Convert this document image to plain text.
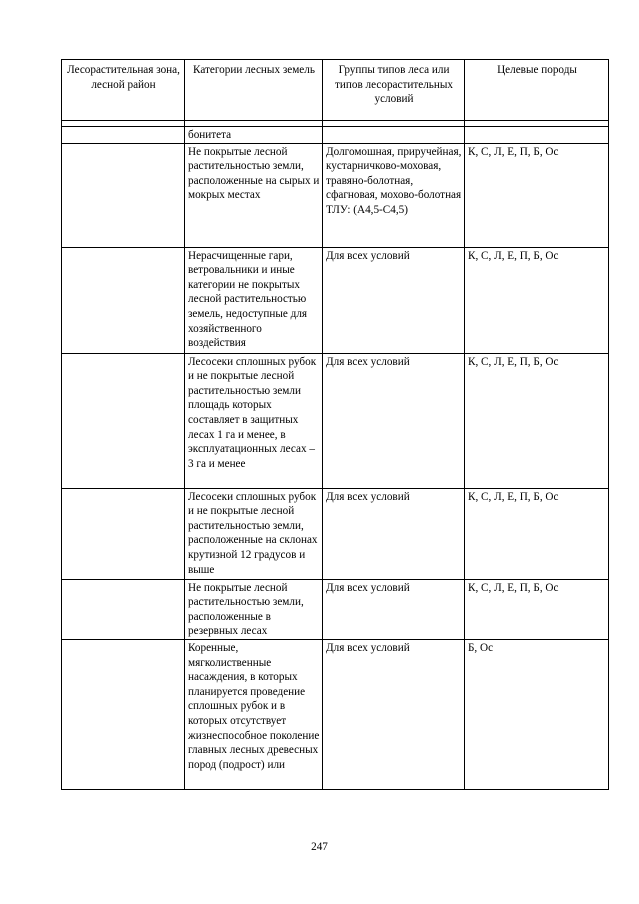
Лесорастительная зона, лесной район	Категории лесных земель	Группы типов леса или типов лесорастительных условий	Целевые породы

	бонитета		
	Не покрытые лесной растительностью земли, расположенные на сырых и мокрых местах	Долгомошная, приручейная, кустарничково-моховая, травяно-болотная, сфагновая, мохово-болотная ТЛУ: (А4,5-С4,5)	К, С, Л, Е, П, Б, Ос
	Нерасчищенные гари, ветровальники и иные категории не покрытых лесной растительностью земель, недоступные для хозяйственного воздействия	Для всех условий	К, С, Л, Е, П, Б, Ос
	Лесосеки сплошных рубок и не покрытые лесной растительностью земли площадь которых составляет в защитных лесах 1 га и менее, в эксплуатационных лесах – 3 га и менее	Для всех условий	К, С, Л, Е, П, Б, Ос
	Лесосеки сплошных рубок и не покрытые лесной растительностью земли, расположенные на склонах крутизной 12 градусов и выше	Для всех условий	К, С, Л, Е, П, Б, Ос
	Не покрытые лесной растительностью земли, расположенные в резервных лесах	Для всех условий	К, С, Л, Е, П, Б, Ос
	Коренные, мягколиственные насаждения, в которых планируется проведение сплошных рубок и в которых отсутствует жизнеспособное поколение главных лесных древесных пород (подрост) или	Для всех условий	Б, Ос
247
